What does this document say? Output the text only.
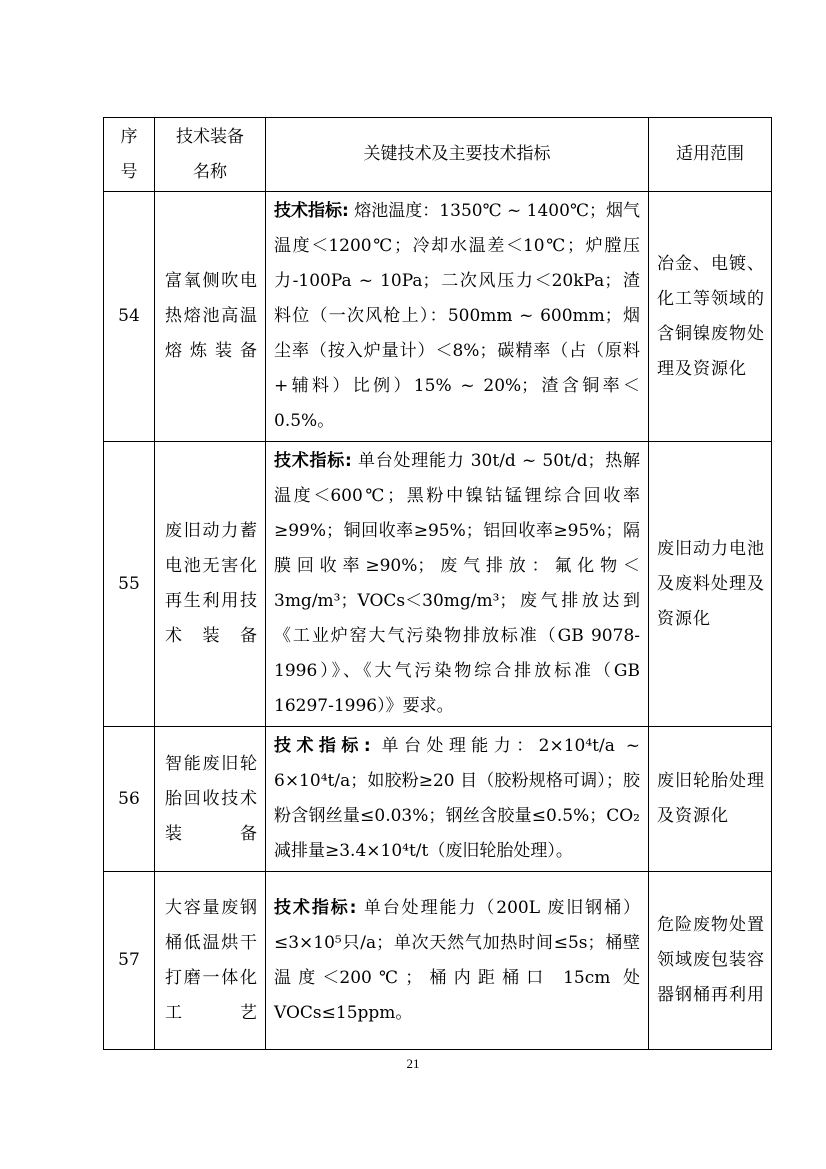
序号	技术装备名称	关键技术及主要技术指标	适用范围
54	富氧侧吹电热熔池高温熔炼装备	技术指标: 熔池温度：1350℃ ~ 1400℃；烟气温度＜1200℃；冷却水温差＜10℃；炉膛压力-100Pa ~ 10Pa；二次风压力＜20kPa；渣料位（一次风枪上）：500mm ~ 600mm；烟尘率（按入炉量计）＜8%；碳精率（占（原料+辅料）比例）15% ~ 20%；渣含铜率＜0.5%。	冶金、电镀、化工等领域的含铜镍废物处理及资源化
55	废旧动力蓄电池无害化再生利用技术装备	技术指标: 单台处理能力 30t/d ~ 50t/d；热解温度＜600℃；黑粉中镍钴锰锂综合回收率≥99%；铜回收率≥95%；铝回收率≥95%；隔膜回收率≥90%；废气排放：氟化物＜3mg/m³；VOCs＜30mg/m³；废气排放达到《工业炉窑大气污染物排放标准（GB 9078-1996）》、《大气污染物综合排放标准（GB 16297-1996）》要求。	废旧动力电池及废料处理及资源化
56	智能废旧轮胎回收技术装备	技术指标: 单台处理能力：2×10⁴t/a ~ 6×10⁴t/a；如胶粉≥20 目（胶粉规格可调）；胶粉含钢丝量≤0.03%；钢丝含胶量≤0.5%；CO₂减排量≥3.4×10⁴t/t（废旧轮胎处理）。	废旧轮胎处理及资源化
57	大容量废钢桶低温烘干打磨一体化工艺	技术指标: 单台处理能力（200L 废旧钢桶）≤3×10⁵只/a；单次天然气加热时间≤5s；桶壁温度＜200℃；桶内距桶口 15cm 处 VOCs≤15ppm。	危险废物处置领域废包装容器钢桶再利用
21
